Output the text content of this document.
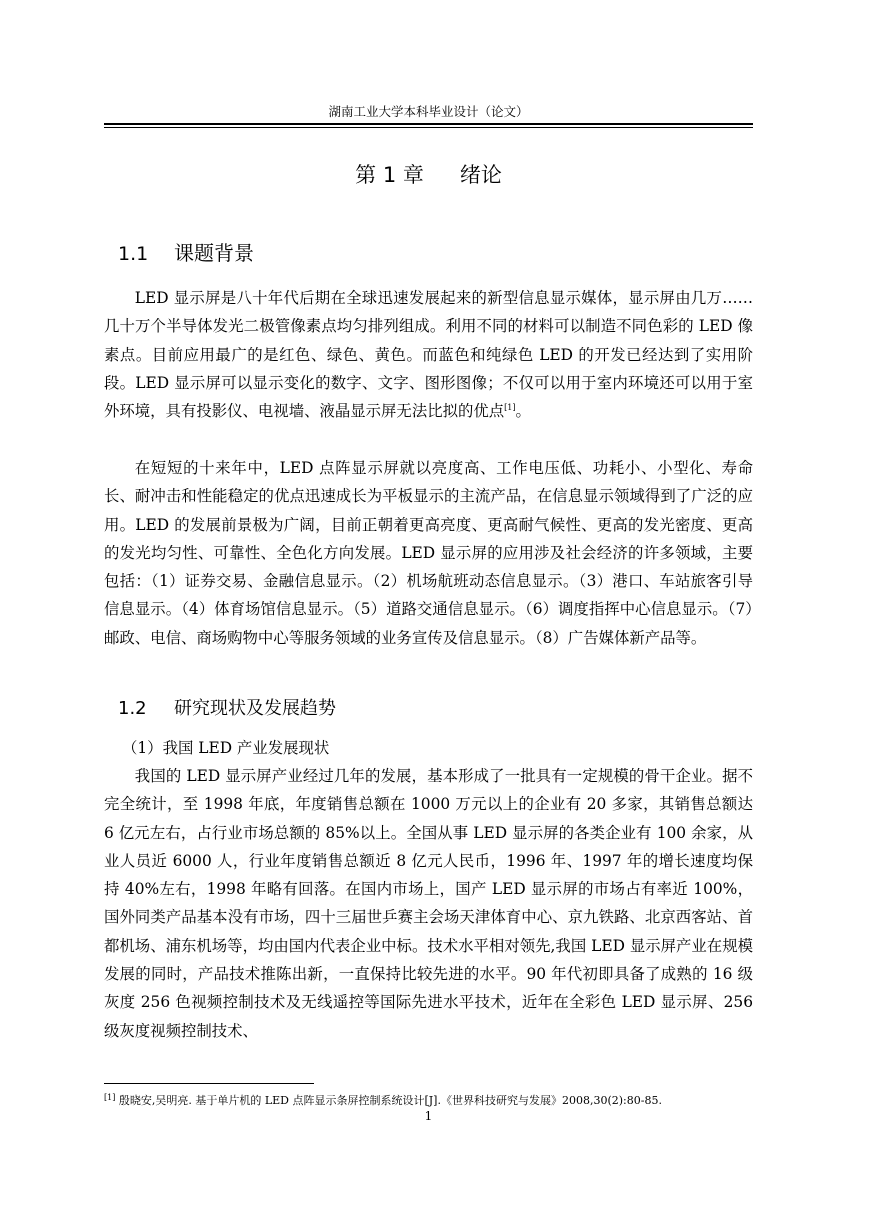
湖南工业大学本科毕业设计（论文）
第 1 章 绪论
1.1 课题背景

LED 显示屏是八十年代后期在全球迅速发展起来的新型信息显示媒体，显示屏由几万……几十万个半导体发光二极管像素点均匀排列组成。利用不同的材料可以制造不同色彩的 LED 像素点。目前应用最广的是红色、绿色、黄色。而蓝色和纯绿色 LED 的开发已经达到了实用阶段。LED 显示屏可以显示变化的数字、文字、图形图像；不仅可以用于室内环境还可以用于室外环境，具有投影仪、电视墙、液晶显示屏无法比拟的优点[1]。

在短短的十来年中，LED 点阵显示屏就以亮度高、工作电压低、功耗小、小型化、寿命长、耐冲击和性能稳定的优点迅速成长为平板显示的主流产品，在信息显示领域得到了广泛的应用。LED 的发展前景极为广阔，目前正朝着更高亮度、更高耐气候性、更高的发光密度、更高的发光均匀性、可靠性、全色化方向发展。LED 显示屏的应用涉及社会经济的许多领域，主要包括：（1）证券交易、金融信息显示。（2）机场航班动态信息显示。（3）港口、车站旅客引导信息显示。（4）体育场馆信息显示。（5）道路交通信息显示。（6）调度指挥中心信息显示。（7）邮政、电信、商场购物中心等服务领域的业务宣传及信息显示。（8）广告媒体新产品等。

1.2 研究现状及发展趋势
（1）我国 LED 产业发展现状

我国的 LED 显示屏产业经过几年的发展，基本形成了一批具有一定规模的骨干企业。据不完全统计，至 1998 年底，年度销售总额在 1000 万元以上的企业有 20 多家，其销售总额达 6 亿元左右，占行业市场总额的 85%以上。全国从事 LED 显示屏的各类企业有 100 余家，从业人员近 6000 人，行业年度销售总额近 8 亿元人民币，1996 年、1997 年的增长速度均保持 40%左右，1998 年略有回落。在国内市场上，国产 LED 显示屏的市场占有率近 100%，国外同类产品基本没有市场，四十三届世乒赛主会场天津体育中心、京九铁路、北京西客站、首都机场、浦东机场等，均由国内代表企业中标。技术水平相对领先,我国 LED 显示屏产业在规模发展的同时，产品技术推陈出新，一直保持比较先进的水平。90 年代初即具备了成熟的 16 级灰度 256 色视频控制技术及无线遥控等国际先进水平技术，近年在全彩色 LED 显示屏、256 级灰度视频控制技术、

[1] 殷晓安,吴明亮. 基于单片机的 LED 点阵显示条屏控制系统设计[J].《世界科技研究与发展》2008,30(2):80-85.
1
